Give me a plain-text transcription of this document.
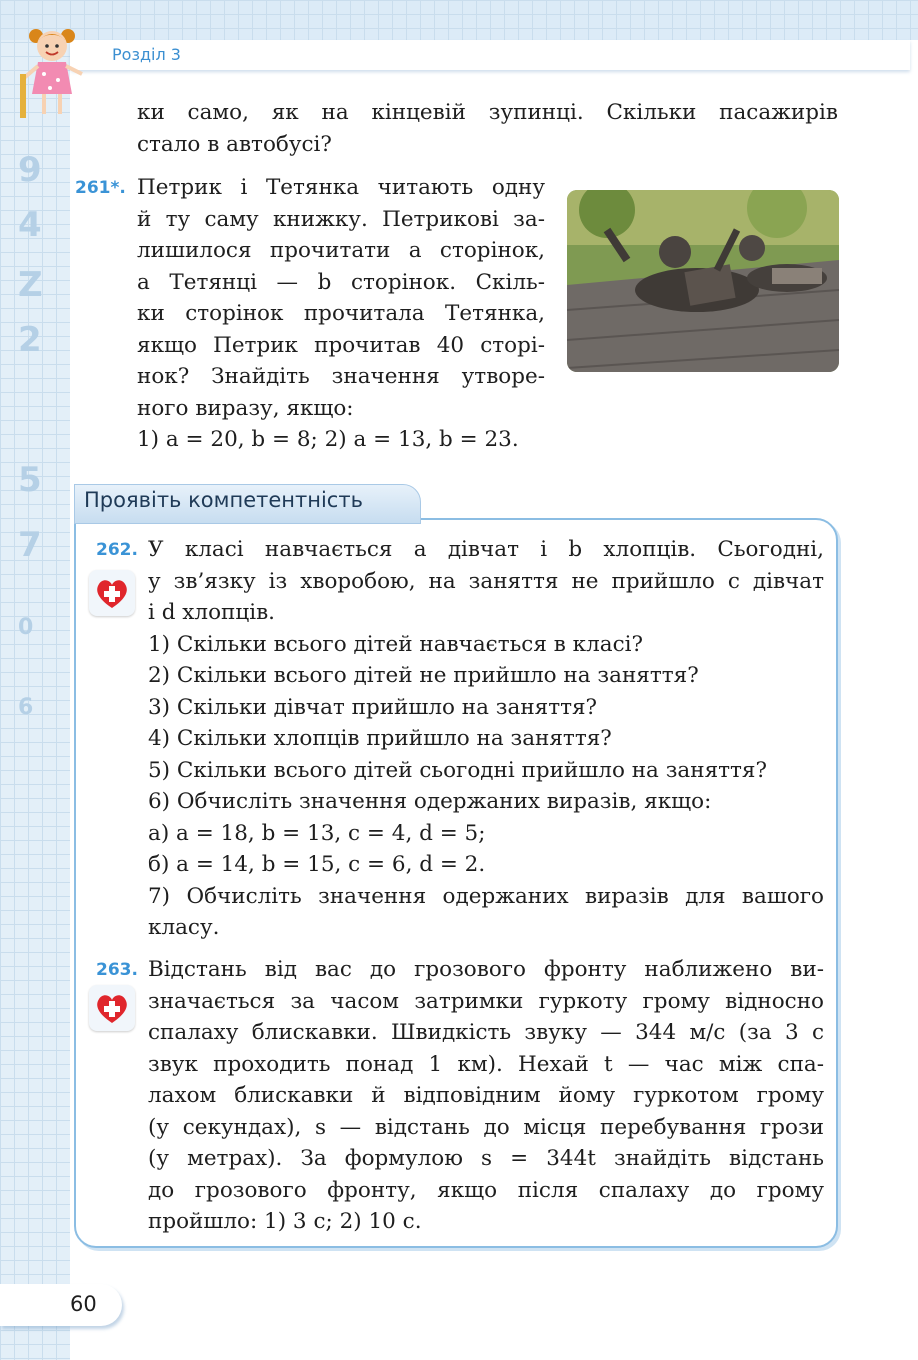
9
4
Z
2
5
7
0
6
Розділ 3
ки само, як на кінцевій зупинці. Скільки пасажирів
стало в автобусі?
261*. Петрик і Тетянка читають одну
й ту саму книжку. Петрикові за-
лишилося прочитати a сторінок,
а Тетянці — b сторінок. Скіль-
ки сторінок прочитала Тетянка,
якщо Петрик прочитав 40 сторі-
нок? Знайдіть значення утворе-
ного виразу, якщо:
1) a = 20, b = 8; 2) a = 13, b = 23.
Проявіть компетентність
262. У класі навчається a дівчат і b хлопців. Сьогодні,
у зв’язку із хворобою, на заняття не прийшло c дівчат
і d хлопців.
1) Скільки всього дітей навчається в класі?
2) Скільки всього дітей не прийшло на заняття?
3) Скільки дівчат прийшло на заняття?
4) Скільки хлопців прийшло на заняття?
5) Скільки всього дітей сьогодні прийшло на заняття?
6) Обчисліть значення одержаних виразів, якщо:
а) a = 18, b = 13, c = 4, d = 5;
б) a = 14, b = 15, c = 6, d = 2.
7) Обчисліть значення одержаних виразів для вашого
класу.
263. Відстань від вас до грозового фронту наближено ви-
значається за часом затримки гуркоту грому відносно
спалаху блискавки. Швидкість звуку — 344 м/с (за 3 с
звук проходить понад 1 км). Нехай t — час між спа-
лахом блискавки й відповідним йому гуркотом грому
(у секундах), s — відстань до місця перебування грози
(у метрах). За формулою s = 344t знайдіть відстань
до грозового фронту, якщо після спалаху до грому
пройшло: 1) 3 с; 2) 10 с.
60
